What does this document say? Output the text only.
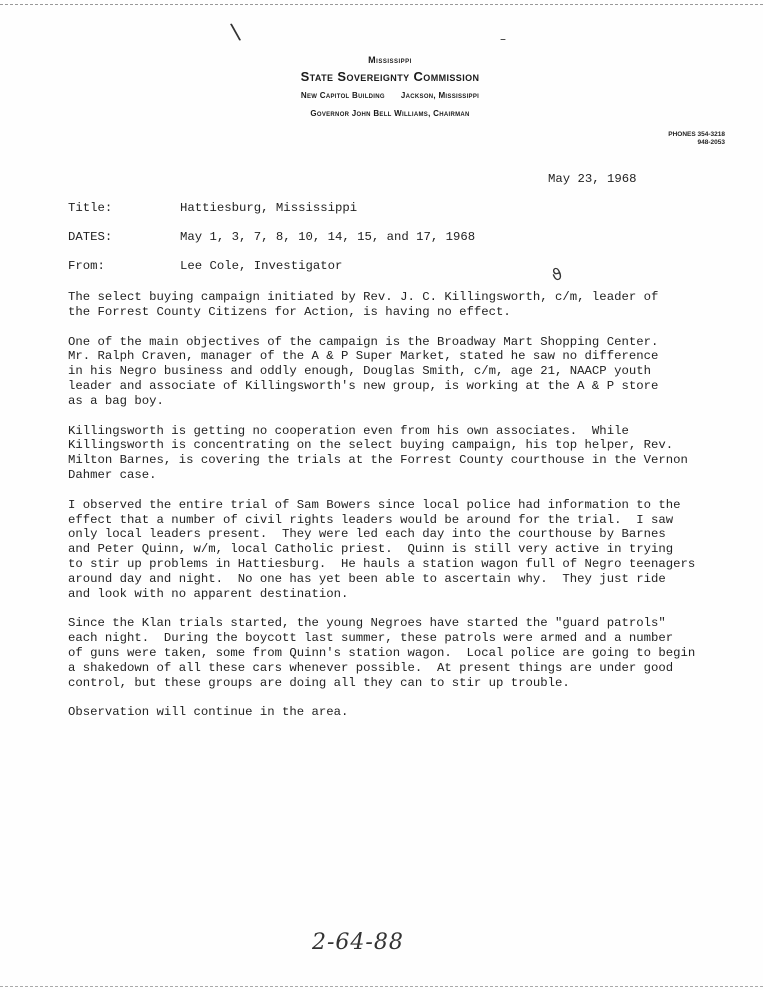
\	–
Mississippi
State Sovereignty Commission
New Capitol Building Jackson, Mississippi
Governor John Bell Williams, Chairman
PHONES 354-3218
948-2053
May 23, 1968
Title:	Hattiesburg, Mississippi
DATES:	May 1, 3, 7, 8, 10, 14, 15, and 17, 1968
From:	Lee Cole, Investigator	ϑ

The select buying campaign initiated by Rev. J. C. Killingsworth, c/m, leader of
the Forrest County Citizens for Action, is having no effect.

One of the main objectives of the campaign is the Broadway Mart Shopping Center.
Mr. Ralph Craven, manager of the A & P Super Market, stated he saw no difference
in his Negro business and oddly enough, Douglas Smith, c/m, age 21, NAACP youth
leader and associate of Killingsworth's new group, is working at the A & P store
as a bag boy.

Killingsworth is getting no cooperation even from his own associates.  While
Killingsworth is concentrating on the select buying campaign, his top helper, Rev.
Milton Barnes, is covering the trials at the Forrest County courthouse in the Vernon
Dahmer case.

I observed the entire trial of Sam Bowers since local police had information to the
effect that a number of civil rights leaders would be around for the trial.  I saw
only local leaders present.  They were led each day into the courthouse by Barnes
and Peter Quinn, w/m, local Catholic priest.  Quinn is still very active in trying
to stir up problems in Hattiesburg.  He hauls a station wagon full of Negro teenagers
around day and night.  No one has yet been able to ascertain why.  They just ride
and look with no apparent destination.

Since the Klan trials started, the young Negroes have started the "guard patrols"
each night.  During the boycott last summer, these patrols were armed and a number
of guns were taken, some from Quinn's station wagon.  Local police are going to begin
a shakedown of all these cars whenever possible.  At present things are under good
control, but these groups are doing all they can to stir up trouble.

Observation will continue in the area.

2-64-88
